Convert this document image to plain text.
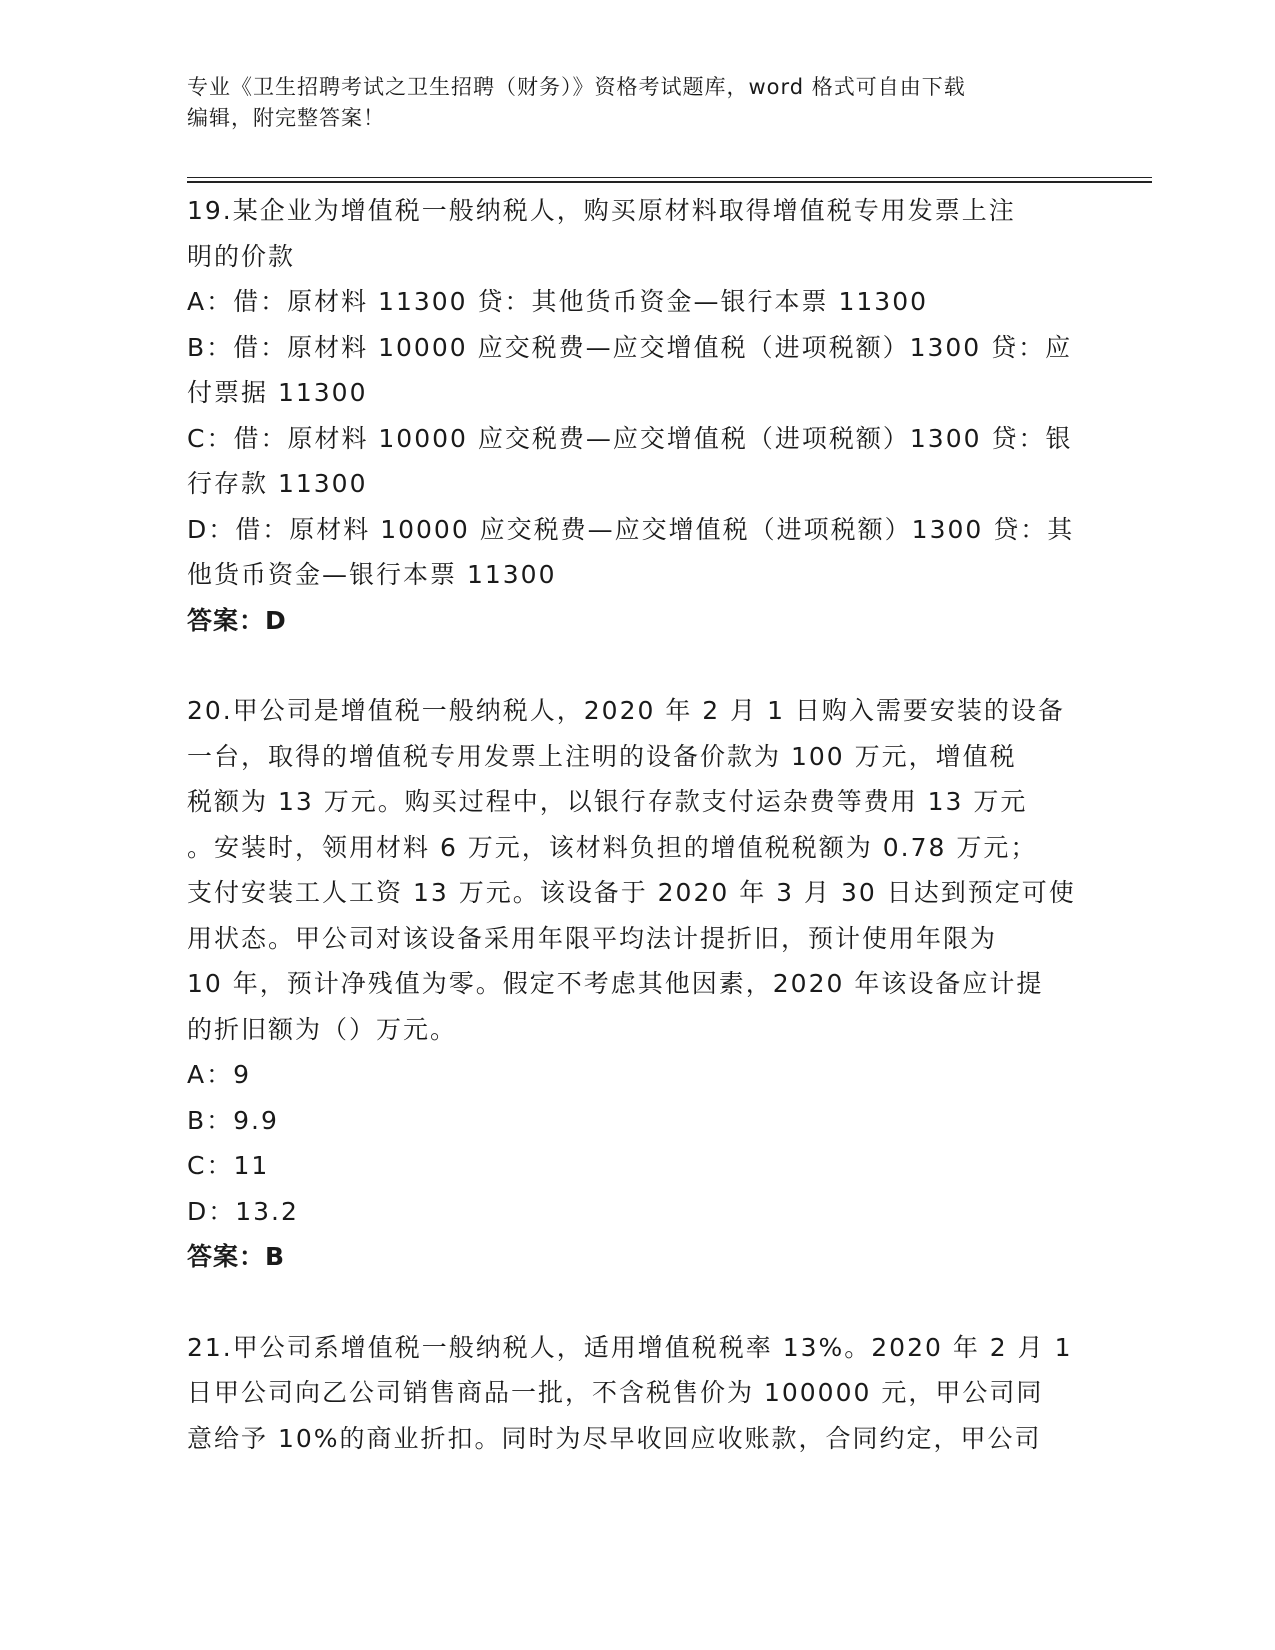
专业《卫生招聘考试之卫生招聘（财务）》资格考试题库，word 格式可自由下载
编辑，附完整答案！

19.某企业为增值税一般纳税人，购买原材料取得增值税专用发票上注

明的价款

A：借：原材料 11300 贷：其他货币资金—银行本票 11300

B：借：原材料 10000 应交税费—应交增值税（进项税额）1300 贷：应

付票据 11300

C：借：原材料 10000 应交税费—应交增值税（进项税额）1300 贷：银

行存款 11300

D：借：原材料 10000 应交税费—应交增值税（进项税额）1300 贷：其

他货币资金—银行本票 11300

答案：D

20.甲公司是增值税一般纳税人，2020 年 2 月 1 日购入需要安装的设备

一台，取得的增值税专用发票上注明的设备价款为 100 万元，增值税

税额为 13 万元。购买过程中，以银行存款支付运杂费等费用 13 万元

。安装时，领用材料 6 万元，该材料负担的增值税税额为 0.78 万元；

支付安装工人工资 13 万元。该设备于 2020 年 3 月 30 日达到预定可使

用状态。甲公司对该设备采用年限平均法计提折旧，预计使用年限为

10 年，预计净残值为零。假定不考虑其他因素，2020 年该设备应计提

的折旧额为（）万元。

A：9

B：9.9

C：11

D：13.2

答案：B

21.甲公司系增值税一般纳税人，适用增值税税率 13%。2020 年 2 月 1

日甲公司向乙公司销售商品一批，不含税售价为 100000 元，甲公司同

意给予 10%的商业折扣。同时为尽早收回应收账款，合同约定，甲公司
